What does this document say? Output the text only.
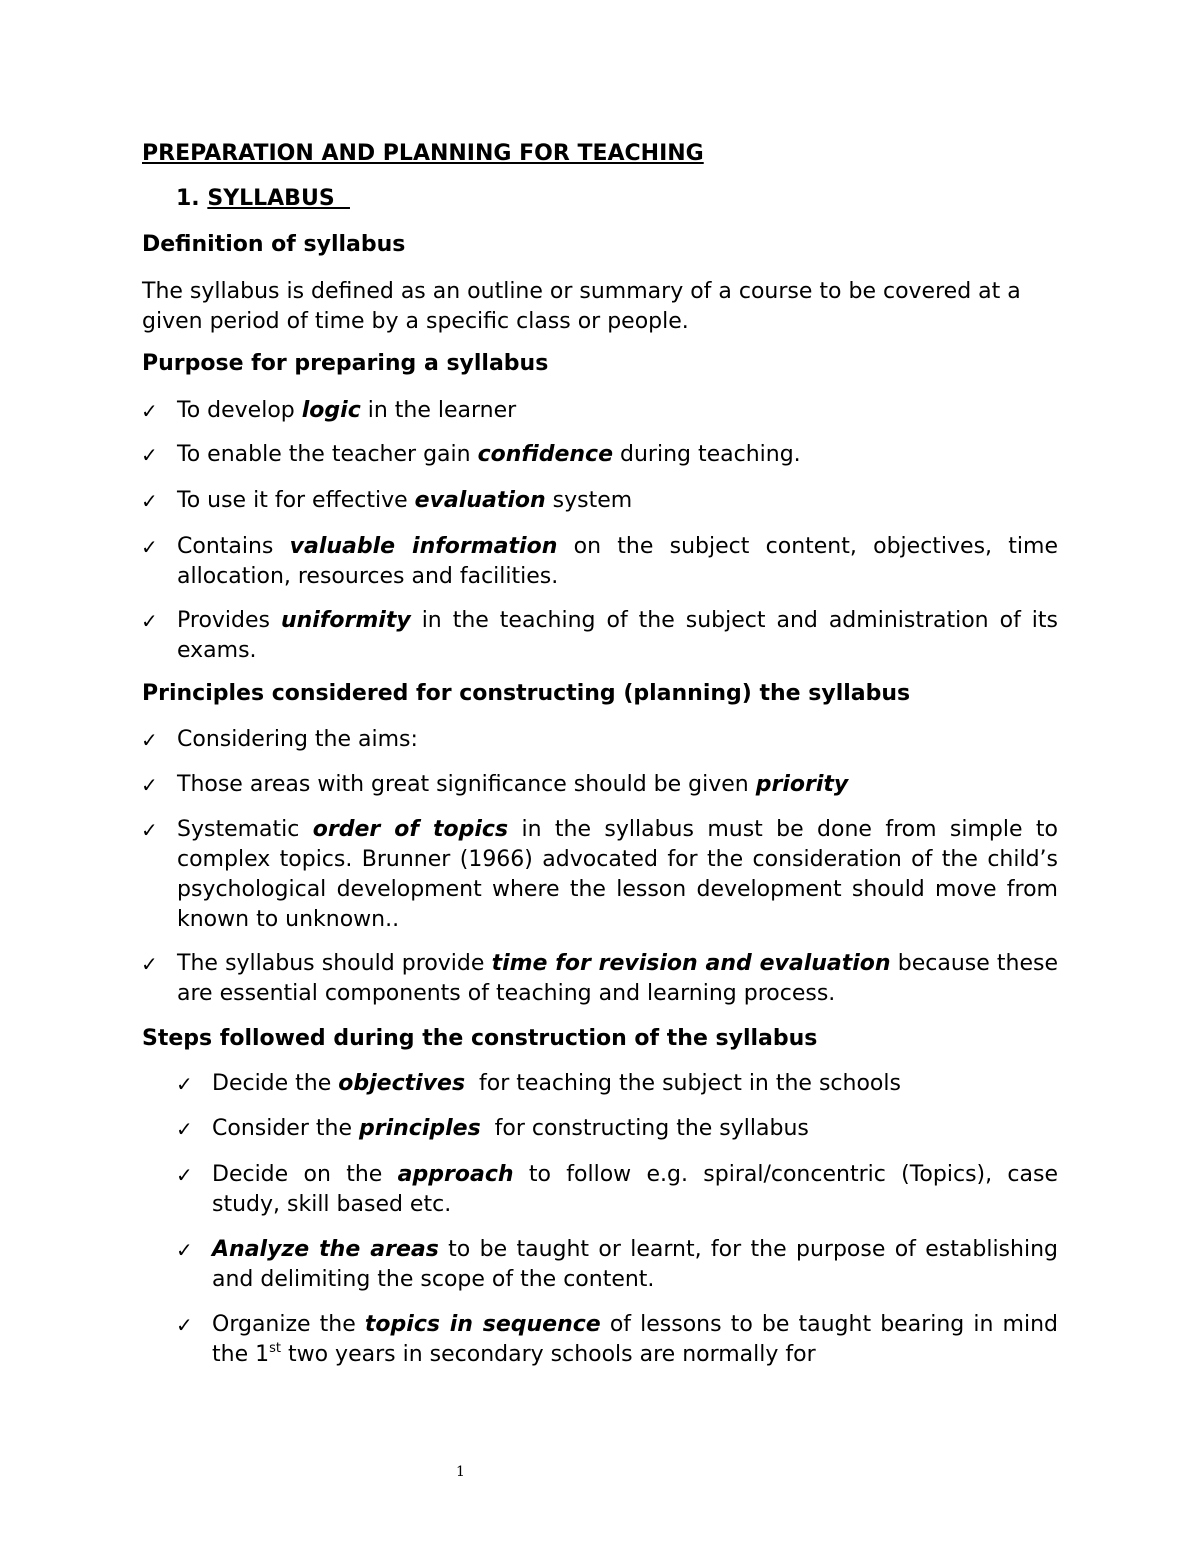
PREPARATION AND PLANNING FOR TEACHING
1. SYLLABUS
Definition of syllabus
The syllabus is defined as an outline or summary of a course to be covered at a given period of time by a specific class or people.
Purpose for preparing a syllabus
✓ To develop logic in the learner
✓ To enable the teacher gain confidence during teaching.
✓ To use it for effective evaluation system
✓ Contains valuable information on the subject content, objectives, time allocation, resources and facilities.
✓ Provides uniformity in the teaching of the subject and administration of its exams.
Principles considered for constructing (planning) the syllabus
✓ Considering the aims:
✓ Those areas with great significance should be given priority
✓ Systematic order of topics in the syllabus must be done from simple to complex topics. Brunner (1966) advocated for the consideration of the child’s psychological development where the lesson development should move from known to unknown..
✓ The syllabus should provide time for revision and evaluation because these are essential components of teaching and learning process.
Steps followed during the construction of the syllabus
✓ Decide the objectives  for teaching the subject in the schools
✓ Consider the principles  for constructing the syllabus
✓ Decide on the approach to follow e.g. spiral/concentric (Topics), case study, skill based etc.
✓ Analyze the areas to be taught or learnt, for the purpose of establishing and delimiting the scope of the content.
✓ Organize the topics in sequence of lessons to be taught bearing in mind the 1st two years in secondary schools are normally for
1
